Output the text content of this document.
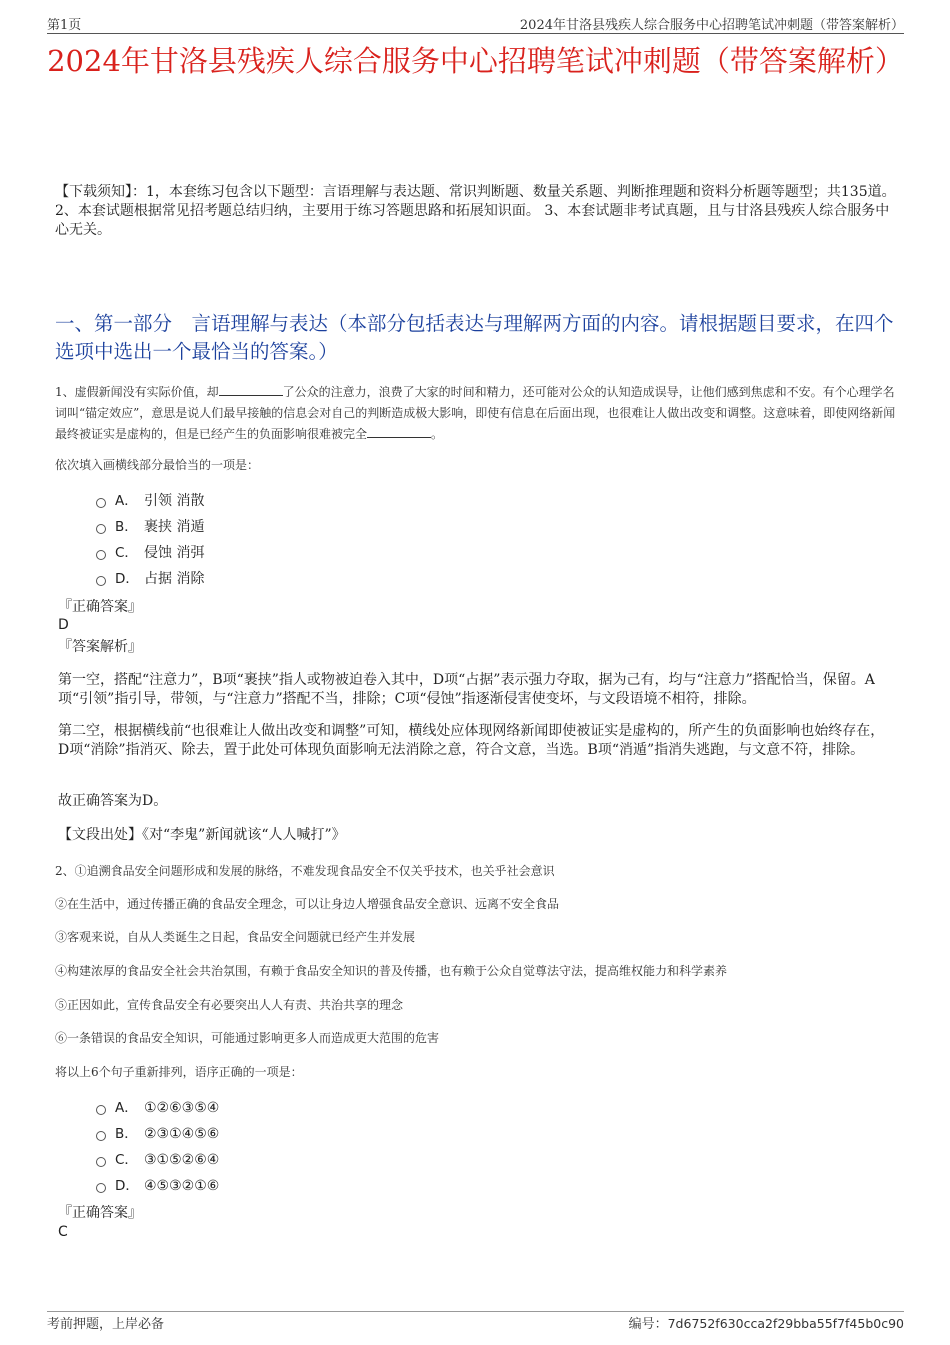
第1页	2024年甘洛县残疾人综合服务中心招聘笔试冲刺题（带答案解析）
2024年甘洛县残疾人综合服务中心招聘笔试冲刺题（带答案解析）
【下载须知】：1，本套练习包含以下题型：言语理解与表达题、常识判断题、数量关系题、判断推理题和资料分析题等题型；共135道。 2、本套试题根据常见招考题总结归纳，主要用于练习答题思路和拓展知识面。 3、本套试题非考试真题，且与甘洛县残疾人综合服务中心无关。
一、第一部分　言语理解与表达（本部分包括表达与理解两方面的内容。请根据题目要求，在四个选项中选出一个最恰当的答案。）
1、虚假新闻没有实际价值，却	了公众的注意力，浪费了大家的时间和精力，还可能对公众的认知造成误导，让他们感到焦虑和不安。有个心理学名词叫“锚定效应”，意思是说人们最早接触的信息会对自己的判断造成极大影响，即使有信息在后面出现，也很难让人做出改变和调整。这意味着，即使网络新闻最终被证实是虚构的，但是已经产生的负面影响很难被完全	。
依次填入画横线部分最恰当的一项是：
A． 引领 消散
B． 裹挟 消遁
C． 侵蚀 消弭
D． 占据 消除
『正确答案』
D
『答案解析』
第一空，搭配“注意力”，B项“裹挟”指人或物被迫卷入其中，D项“占据”表示强力夺取，据为己有，均与“注意力”搭配恰当，保留。A项“引领”指引导，带领，与“注意力”搭配不当，排除；C项“侵蚀”指逐渐侵害使变坏，与文段语境不相符，排除。
第二空，根据横线前“也很难让人做出改变和调整”可知，横线处应体现网络新闻即使被证实是虚构的，所产生的负面影响也始终存在，D项“消除”指消灭、除去，置于此处可体现负面影响无法消除之意，符合文意，当选。B项“消遁”指消失逃跑，与文意不符，排除。
故正确答案为D。
【文段出处】《对“李鬼”新闻就该“人人喊打”》
2、①追溯食品安全问题形成和发展的脉络，不难发现食品安全不仅关乎技术，也关乎社会意识
②在生活中，通过传播正确的食品安全理念，可以让身边人增强食品安全意识、远离不安全食品
③客观来说，自从人类诞生之日起，食品安全问题就已经产生并发展
④构建浓厚的食品安全社会共治氛围，有赖于食品安全知识的普及传播，也有赖于公众自觉尊法守法，提高维权能力和科学素养
⑤正因如此，宣传食品安全有必要突出人人有责、共治共享的理念
⑥一条错误的食品安全知识，可能通过影响更多人而造成更大范围的危害
将以上6个句子重新排列，语序正确的一项是：
A． ①②⑥③⑤④
B． ②③①④⑤⑥
C． ③①⑤②⑥④
D． ④⑤③②①⑥
『正确答案』
C
考前押题，上岸必备	编号：7d6752f630cca2f29bba55f7f45b0c90
